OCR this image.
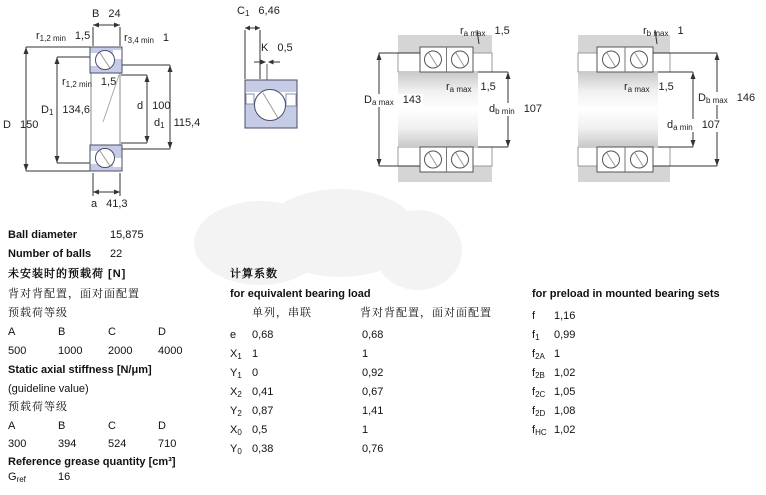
B 24
$r_{1,2 min}$ 1,5	$r_{3,4 min}$ 1
$r_{1,2 min}$ 1,5
$D_1$ 134,6
D 150
d 100
$d_1$ 115,4
a 41,3
$C_1$ 6,46
K 0,5
$r_{a max}$ 1,5
$r_{a max}$ 1,5
$D_{a max}$ 143
$d_{b min}$ 107
$r_{b max}$ 1
$r_{a max}$ 1,5
$D_{b max}$ 146
$d_{a min}$ 107
Ball diameter	15,875
Number of balls 22
未安装时的预载荷 [N]
背对背配置，面对面配置
预载荷等级
A	B	C	D
500	1000 2000 4000
Static axial stiffness [N/μm]
(guideline value)
预载荷等级
A	B	C	D
300	394	524	710
Reference grease quantity [cm³]
$G_{ref}$	16
计算系数
for equivalent bearing load
单列，串联	背对背配置，面对面配置
e 0,68	0,68
$X_1$ 1	1
$Y_1$ 0	0,92
$X_2$ 0,41	0,67
$Y_2$ 0,87	1,41
$X_0$ 0,5	1
$Y_0$ 0,38	0,76
for preload in mounted bearing sets
f 1,16
$f_1$ 0,99
$f_{2A}$ 1
$f_{2B}$ 1,02
$f_{2C}$ 1,05
$f_{2D}$ 1,08
$f_{HC}$ 1,02
